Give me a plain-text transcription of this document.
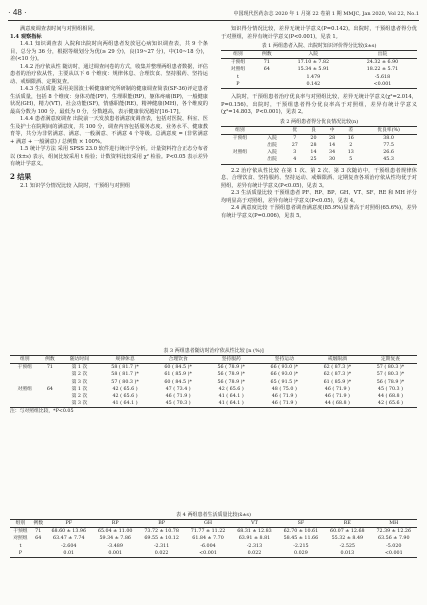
· 48 ·	中国现代医药杂志 2020 年 1 月第 22 卷第 1 期 MMJC, Jan 2020, Vol 22, No.1

满意度调查表时间与对照组相同。

1.4 观察指标

1.4.1 知识调查表 入院和出院时向两组患者发放冠心病知识调查表，共 9 个条目，总分为 36 分，根据等级划分为优(≥ 29 分)，良(19~27 分)，中(10~18 分)，差(<10 分)。

1.4.2 治疗依从性 随访时，通过调查问卷的方式，收集并整理两组患者数据，评估患者的治疗依从性，主要从以下 6 个维度：规律休息、合理饮食、坚持服药、坚持运动、戒烟限酒、定期复查。

1.4.3 生活质量 采用美国波士顿健康研究所研制的健康调查简表(SF-36)评定患者生活质量，包括 8 个维度：身体功能(PF)，生理职能(RP)，躯体疼痛(BP)，一般健康状况(GH)，精力(VT)，社会功能(SF)，情感职能(RE)，精神健康(MH)，各个维度的最高分数为 100 分，最低为 0 分，分数越高，表示健康状况越好[16-17]。

1.4.4 患者满意度调查 出院前一天发放患者满意度调查表，包括对医院、科室、医生及护士在院期间的满意度，共 100 分，调查内容包括服务态度、业务水平、健康教育等，共分为非常满意、满意、一般满意、不满意 4 个等级。总满意度 = (非常满意 + 满意 + 一般满意) / 总例数 × 100%。

1.5 统计学方法 采用 SPSS 23.0 软件进行统计学分析。计量资料符合正态分布者以 (x̄±s) 表示，组间比较采用 t 检验；计数资料比较采用 χ² 检验。P<0.05 表示差异有统计学意义。

2 结果

2.1 知识学分情况比较 入院时，干预组与对照组

知识得分情况比较，差异无统计学意义(P=0.142)。出院时，干预组患者得分优于对照组，差异有统计学意义(P<0.001)，见表 1。

表 1 两组患者入院、出院时知识评价得分比较(x̄±s)
组别	例数	入院	出院
干预组	71	17.10 ± 7.82	24.32 ± 6.90
对照组	64	15.34 ± 5.91	18.22 ± 5.71
t		1.479	-5.618
P		0.142	<0.001

入院时，干预组患者治疗优良率与对照组比较，差异无统计学意义(χ²=2.014，P=0.156)。出院时，干预组患者得分优良率高于对照组，差异有统计学意义(χ²=14.803，P<0.001)，见表 2。

表 2 两组患者得分优良情况比较(n)
组别		优	良	中	差	优良率(%)
干预组	入院	7	20	28	16	38.0
	出院	27	28	14	2	77.5
对照组	入院	3	14	34	13	26.6
	出院	4	25	30	5	45.3

2.2 治疗依从性比较 在第 1 次、第 2 次、第 3 次随访中，干预组患者规律休息、合理饮食、坚持服药、坚持运动、戒烟限酒、定期复查各项治疗依从性均优于对照组，差异有统计学意义(P<0.05)，见表 3。

2.3 生活质量比较 干预组患者 PF、RP、BP、GH、VT、SF、RE 和 MH 评分均明显高于对照组，差异有统计学意义(P<0.05)，见表 4。

2.4 满意度比较 干预组患者调查满意度(85.9%)显著高于对照组(65.6%)，差异有统计学意义(P=0.006)，见表 5。

表 3 两组患者随访时治疗依从性比较 [n (%)]
组别	例数	随访时间	规律休息	合理饮食	坚持服药	坚持运动	戒烟限酒	定期复查
干预组	71	第 1 次	58 ( 81.7 )*	60 ( 84.5 )*	56 ( 78.9 )*	66 ( 93.0 )*	62 ( 87.3 )*	57 ( 80.3 )*
		第 2 次	58 ( 81.7 )*	61 ( 85.9 )*	56 ( 78.9 )*	66 ( 93.0 )*	62 ( 87.3 )*	57 ( 80.3 )*
		第 3 次	57 ( 80.3 )*	60 ( 84.5 )*	56 ( 78.9 )*	65 ( 91.5 )*	61 ( 85.9 )*	56 ( 78.9 )*
对照组	64	第 1 次	42 ( 65.6 )	47 ( 73.4 )	42 ( 65.6 )	48 ( 75.0 )	46 ( 71.9 )	45 ( 70.3 )
		第 2 次	42 ( 65.6 )	46 ( 71.9 )	41 ( 64.1 )	46 ( 71.9 )	46 ( 71.9 )	44 ( 68.8 )
		第 3 次	41 ( 64.1 )	45 ( 70.3 )	41 ( 64.1 )	46 ( 71.9 )	44 ( 68.8 )	42 ( 65.6 )
注：与对照组比较，*P<0.05
表 4 两组患者生活质量比较(x̄±s)
组别	例数	PF	RP	BP	GH	VT	SF	RE	MH
干预组	71	68.60 ± 13.96	65.04 ± 11.00	73.72 ± 10.78	71.77 ± 11.22	68.31 ± 12.83	62.70 ± 10.61	60.07 ± 12.68	72.39 ± 12.26
对照组	64	63.47 ± 7.74	59.34 ± 7.86	69.55 ± 10.12	61.84 ± 7.70	63.91 ± 8.81	58.45 ± 11.66	55.32 ± 8.49	63.56 ± 7.90
t		-2.604	-3.489	-2.311	-6.004	-2.313	-2.215	-2.525	-5.020
P		0.01	0.001	0.022	<0.001	0.022	0.029	0.013	<0.001
